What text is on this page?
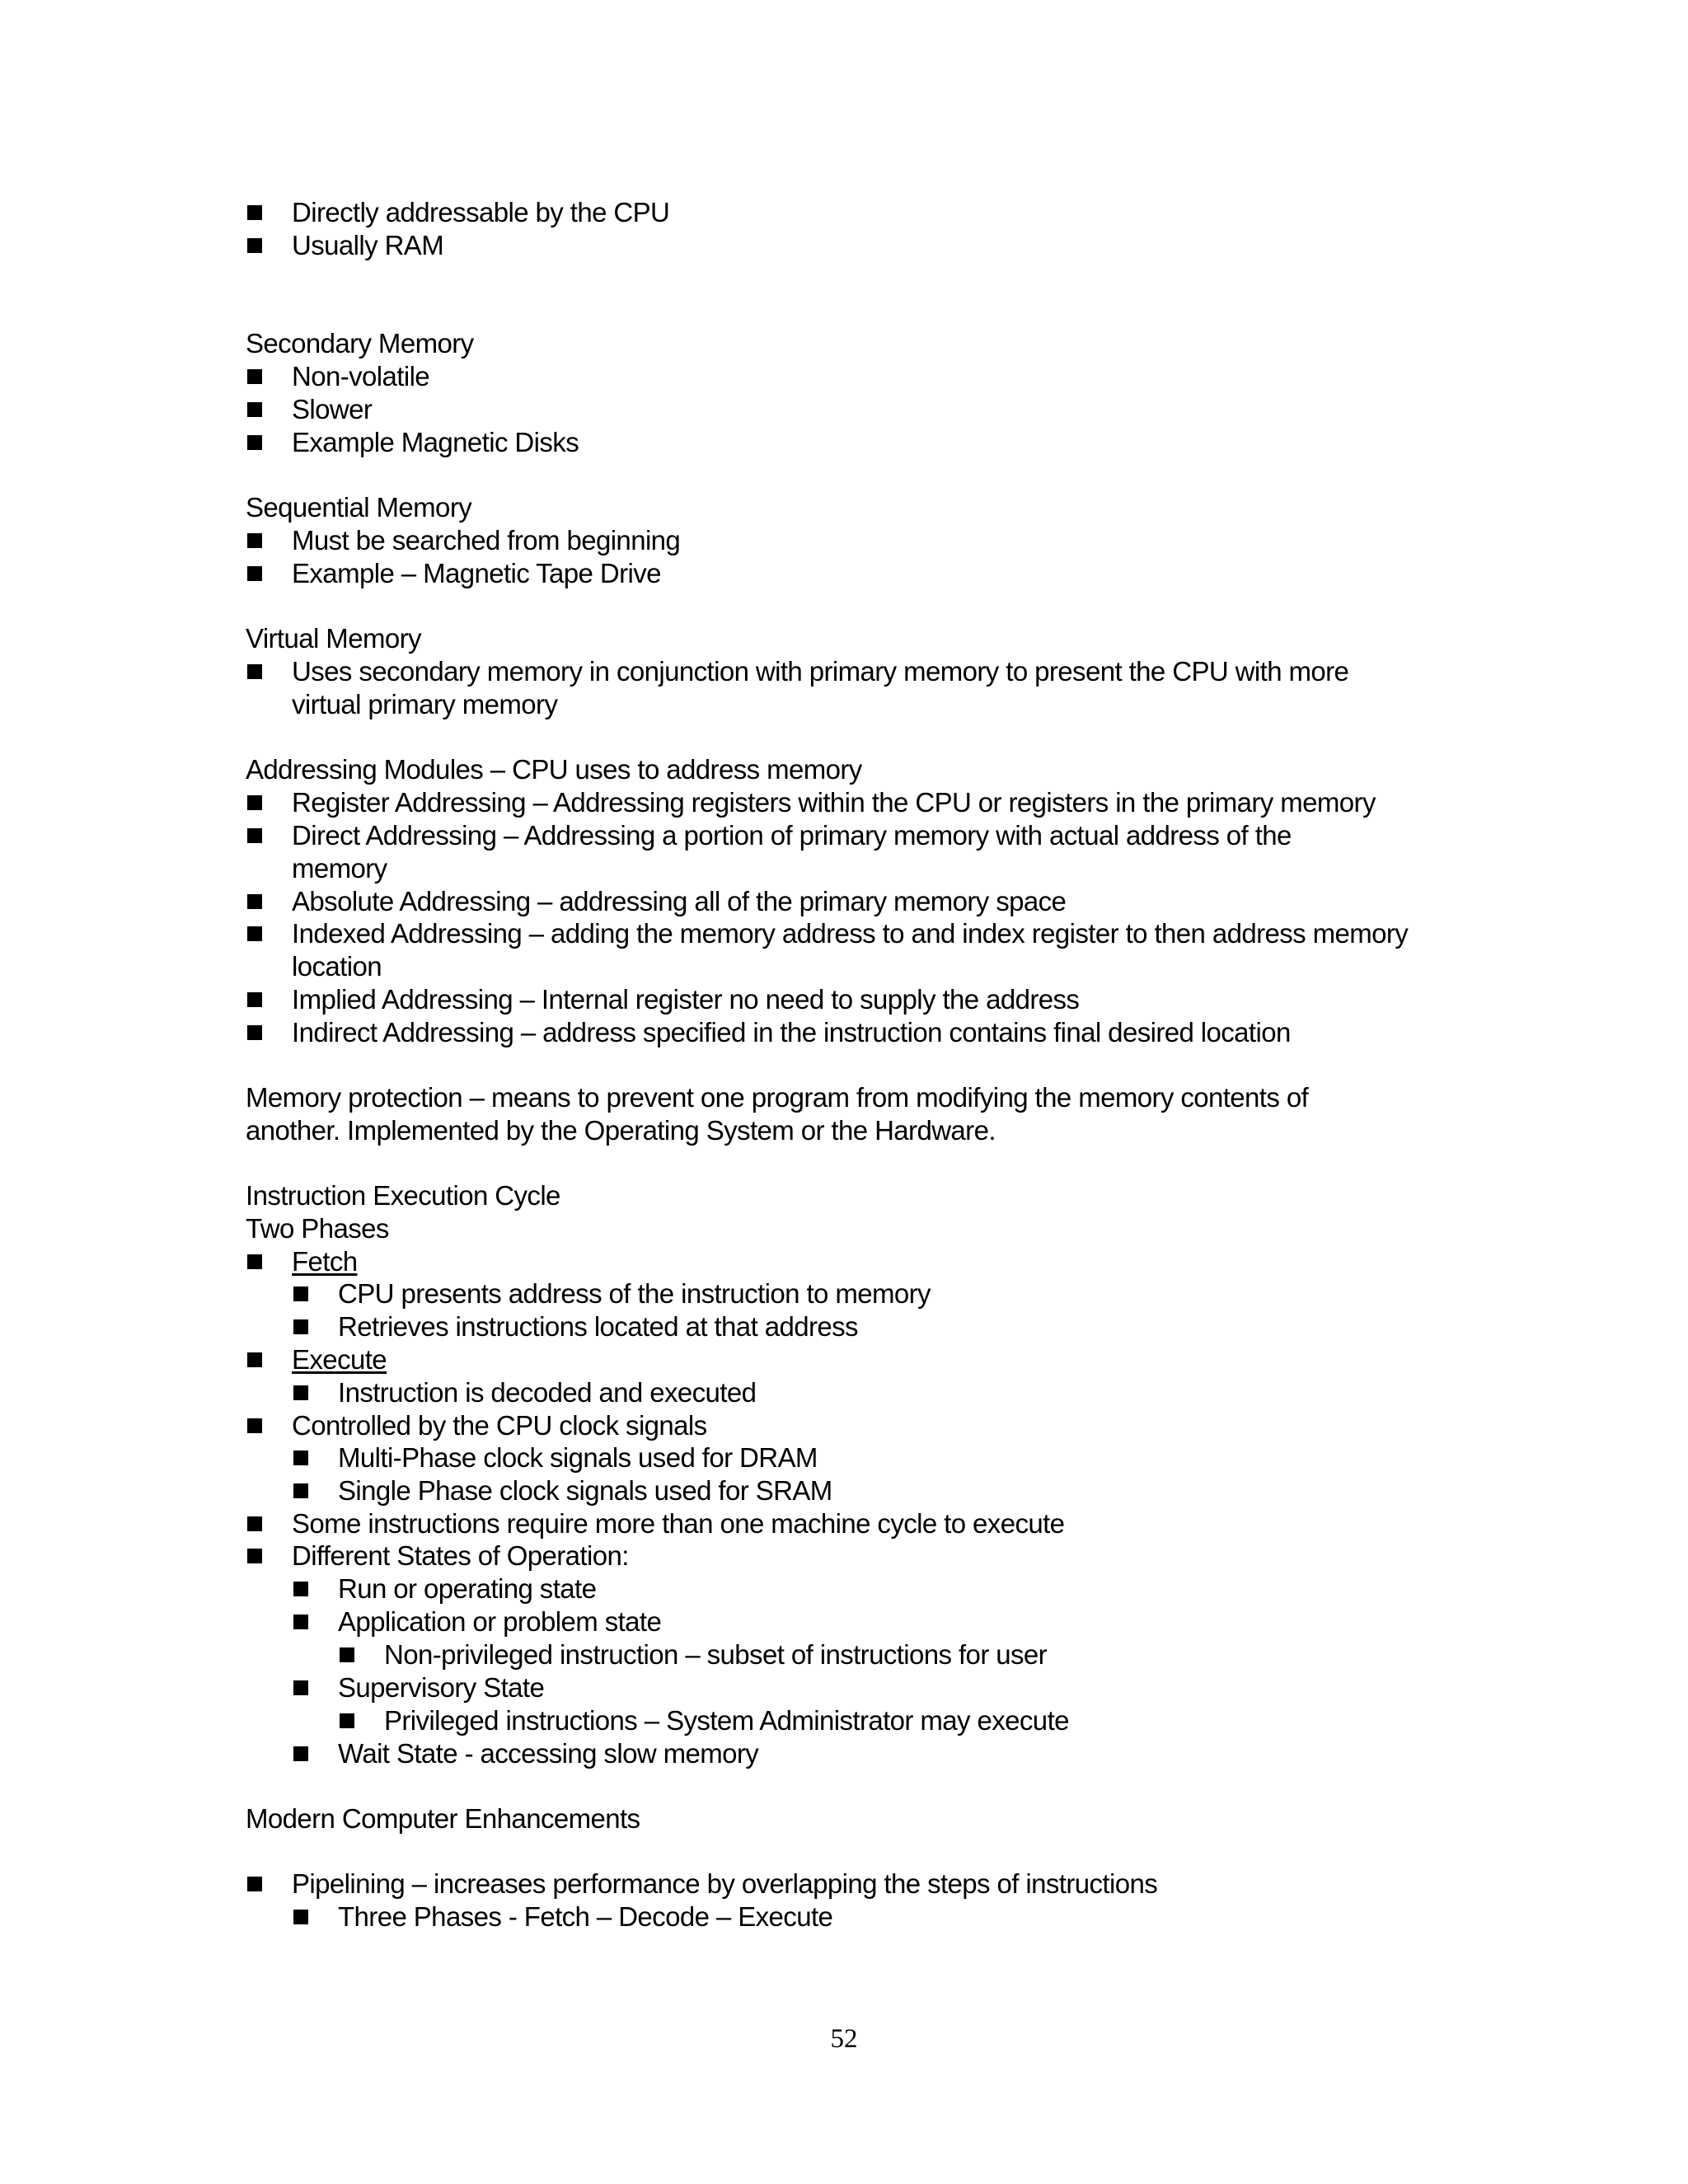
Directly addressable by the CPU
Usually RAM
Secondary Memory
Non-volatile
Slower
Example Magnetic Disks
Sequential Memory
Must be searched from beginning
Example – Magnetic Tape Drive
Virtual Memory
Uses secondary memory in conjunction with primary memory to present the CPU with more
virtual primary memory
Addressing Modules – CPU uses to address memory
Register Addressing – Addressing registers within the CPU or registers in the primary memory
Direct Addressing – Addressing a portion of primary memory with actual address of the
memory
Absolute Addressing – addressing all of the primary memory space
Indexed Addressing – adding the memory address to and index register to then address memory
location
Implied Addressing – Internal register no need to supply the address
Indirect Addressing – address specified in the instruction contains final desired location
Memory protection – means to prevent one program from modifying the memory contents of
another. Implemented by the Operating System or the Hardware.
Instruction Execution Cycle
Two Phases
Fetch
CPU presents address of the instruction to memory
Retrieves instructions located at that address
Execute
Instruction is decoded and executed
Controlled by the CPU clock signals
Multi-Phase clock signals used for DRAM
Single Phase clock signals used for SRAM
Some instructions require more than one machine cycle to execute
Different States of Operation:
Run or operating state
Application or problem state
Non-privileged instruction – subset of instructions for user
Supervisory State
Privileged instructions – System Administrator may execute
Wait State - accessing slow memory
Modern Computer Enhancements
Pipelining – increases performance by overlapping the steps of instructions
Three Phases - Fetch – Decode – Execute
52
